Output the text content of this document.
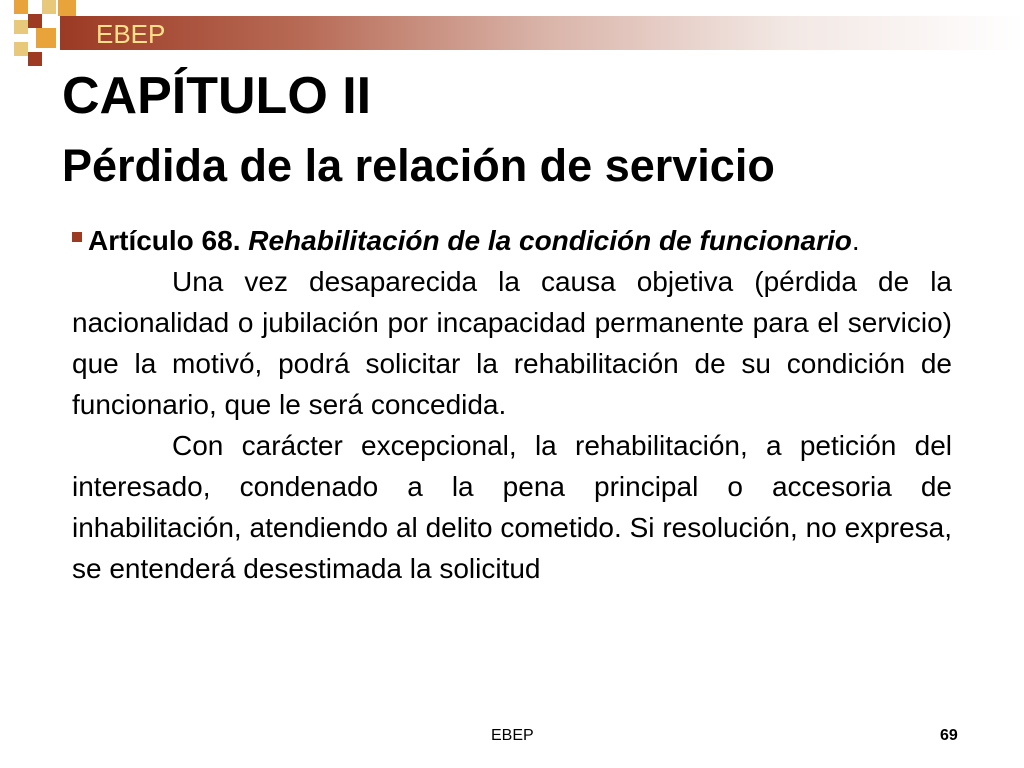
EBEP
CAPÍTULO II
Pérdida de la relación de servicio

Artículo 68. Rehabilitación de la condición de funcionario.

Una vez desaparecida la causa objetiva (pérdida de la nacionalidad o jubilación por incapacidad permanente para el servicio) que la motivó, podrá solicitar la rehabilitación de su condición de funcionario, que le será concedida.

Con carácter excepcional, la rehabilitación, a petición del interesado, condenado a la pena principal o accesoria de inhabilitación, atendiendo al delito cometido. Si resolución, no expresa, se entenderá desestimada la solicitud

EBEP	69
